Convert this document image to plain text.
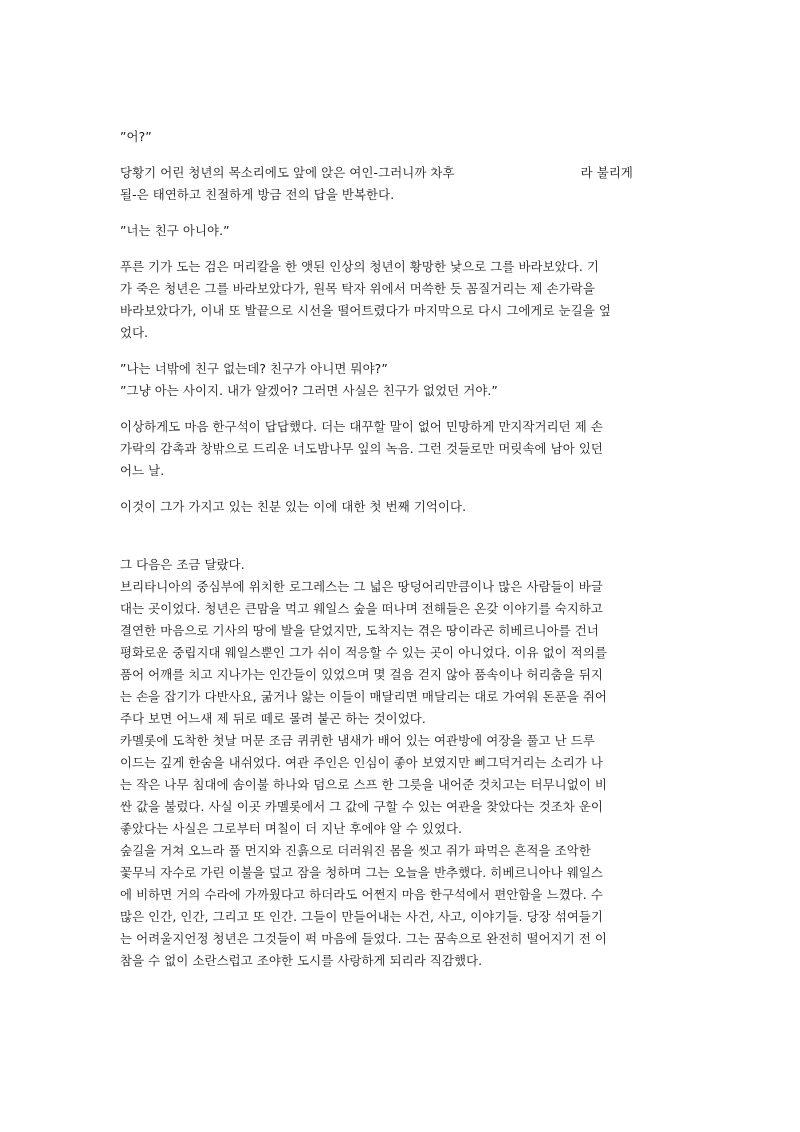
”어?”

당황기 어린 청년의 목소리에도 앞에 앉은 여인-그러니까 차후	라 불리게
될-은 태연하고 친절하게 방금 전의 답을 반복한다.

”너는 친구 아니야.”

푸른 기가 도는 검은 머리칼을 한 앳된 인상의 청년이 황망한 낯으로 그를 바라보았다. 기
가 죽은 청년은 그를 바라보았다가, 원목 탁자 위에서 머쓱한 듯 꼼질거리는 제 손가락을
바라보았다가, 이내 또 발끝으로 시선을 떨어트렸다가 마지막으로 다시 그에게로 눈길을 엎
었다.

”나는 너밖에 친구 없는데? 친구가 아니면 뭐야?”
”그냥 아는 사이지. 내가 알겠어? 그러면 사실은 친구가 없었던 거야.”

이상하게도 마음 한구석이 답답했다. 더는 대꾸할 말이 없어 민망하게 만지작거리던 제 손
가락의 감촉과 창밖으로 드리운 너도밤나무 잎의 녹음. 그런 것들로만 머릿속에 남아 있던
어느 날.

이것이 그가 가지고 있는 친분 있는 이에 대한 첫 번째 기억이다.

그 다음은 조금 달랐다.
브리타니아의 중심부에 위치한 로그레스는 그 넓은 땅덩어리만큼이나 많은 사람들이 바글
대는 곳이었다. 청년은 큰맘을 먹고 웨일스 숲을 떠나며 전해들은 온갖 이야기를 숙지하고
결연한 마음으로 기사의 땅에 발을 닫었지만, 도착지는 겪은 땅이라곤 히베르니아를 건너
평화로운 중립지대 웨일스뿐인 그가 쉬이 적응할 수 있는 곳이 아니었다. 이유 없이 적의를
품어 어깨를 치고 지나가는 인간들이 있었으며 몇 걸음 걷지 않아 품속이나 허리춤을 뒤지
는 손을 잡기가 다반사요, 굶거나 앓는 이들이 매달리면 매달리는 대로 가여워 돈푼을 쥐어
주다 보면 어느새 제 뒤로 떼로 몰려 붙곤 하는 것이었다.
카멜롯에 도착한 첫날 머문 조금 퀴퀴한 냄새가 배어 있는 여관방에 여장을 풀고 난 드루
이드는 깊게 한숨을 내쉬었다. 여관 주인은 인심이 좋아 보였지만 삐그덕거리는 소리가 나
는 작은 나무 침대에 솜이불 하나와 덤으로 스프 한 그릇을 내어준 것치고는 터무니없이 비
싼 값을 불렀다. 사실 이곳 카멜롯에서 그 값에 구할 수 있는 여관을 찾았다는 것조차 운이
좋았다는 사실은 그로부터 며칠이 더 지난 후에야 알 수 있었다.
숲길을 거쳐 오느라 풀 먼지와 진흙으로 더러워진 몸을 씻고 쥐가 파먹은 흔적을 조악한
꽃무늬 자수로 가린 이불을 덮고 잠을 청하며 그는 오늘을 반추했다. 히베르니아나 웨일스
에 비하면 거의 수라에 가까웠다고 하더라도 어쩐지 마음 한구석에서 편안함을 느꼈다. 수
많은 인간, 인간, 그리고 또 인간. 그들이 만들어내는 사건, 사고, 이야기들. 당장 섞여들기
는 어려울지언정 청년은 그것들이 퍽 마음에 들었다. 그는 꿈속으로 완전히 떨어지기 전 이
참을 수 없이 소란스럽고 조야한 도시를 사랑하게 되리라 직감했다.
